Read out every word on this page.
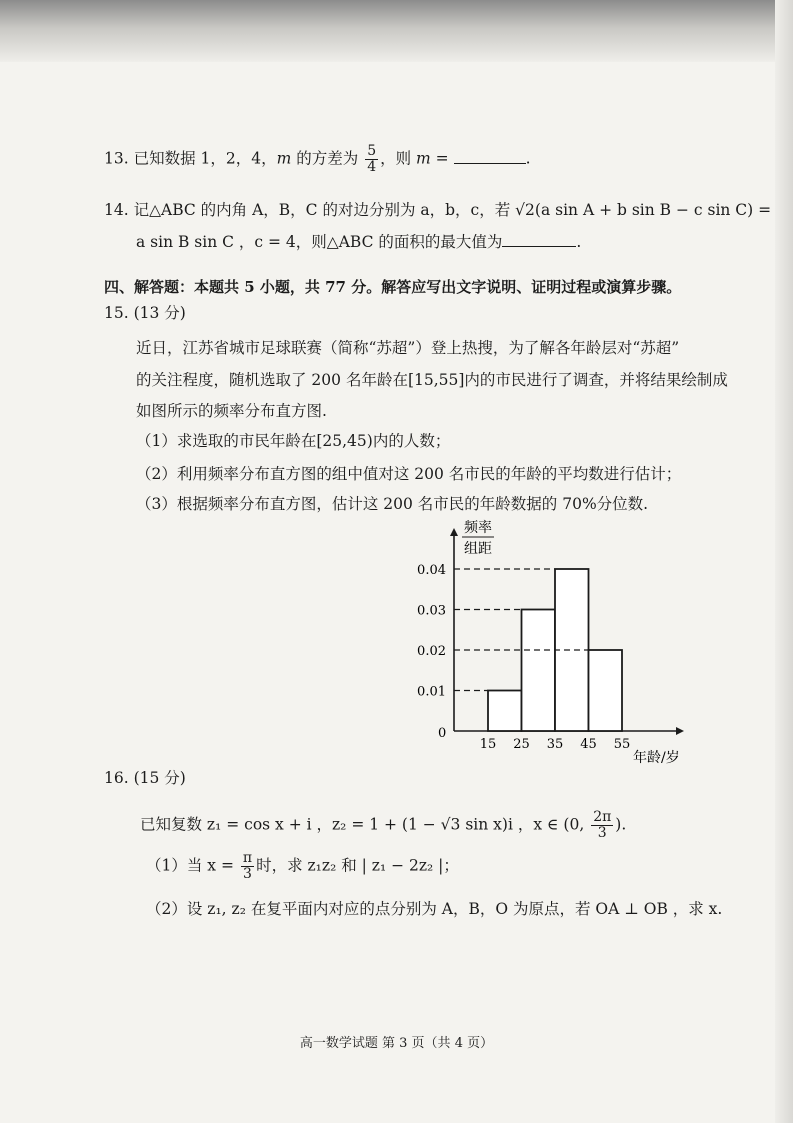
13. 已知数据 1，2，4，m 的方差为 $\frac{5}{4}$ ，则 m =	.
14. 记△ABC 的内角 A，B，C 的对边分别为 a，b，c，若 √2(a sin A + b sin B − c sin C) =
a sin B sin C ，c = 4，则△ABC 的面积的最大值为	.
四、解答题：本题共 5 小题，共 77 分。解答应写出文字说明、证明过程或演算步骤。
15. (13 分)
近日，江苏省城市足球联赛（简称“苏超”）登上热搜，为了解各年龄层对“苏超”
的关注程度，随机选取了 200 名年龄在[15,55]内的市民进行了调查，并将结果绘制成
如图所示的频率分布直方图.
（1）求选取的市民年龄在[25,45)内的人数；
（2）利用频率分布直方图的组中值对这 200 名市民的年龄的平均数进行估计；
（3）根据频率分布直方图，估计这 200 名市民的年龄数据的 70%分位数.
频率
组距
0
0.01
0.02
0.03
0.04
15 25 35 45 55
年龄/岁
16. (15 分)
已知复数 z₁ = cos x + i ，z₂ = 1 + (1 − √3 sin x)i ，x ∈ (0, $\frac{2\pi}{3}$ ).
（1）当 $x = \frac{\pi}{3}$ 时，求 z₁z₂ 和 | z₁ − 2z₂ |；
（2）设 z₁, z₂ 在复平面内对应的点分别为 A，B，O 为原点，若 OA ⊥ OB ，求 x.
高一数学试题 第 3 页（共 4 页）
